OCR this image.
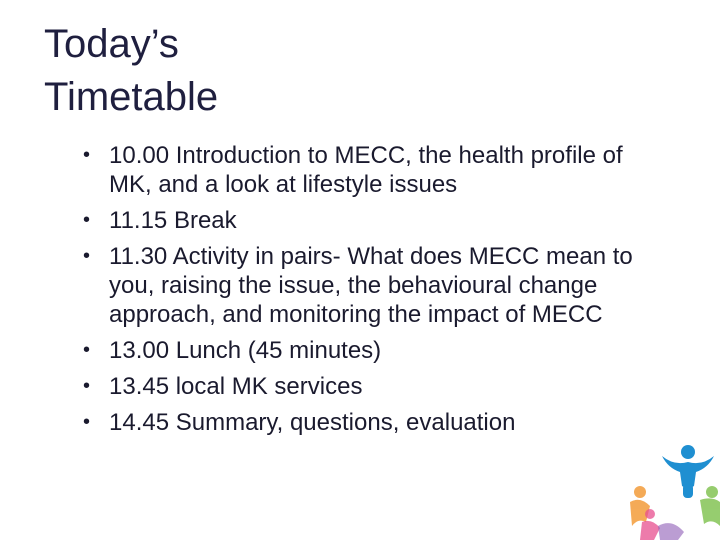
Today’s
Timetable
• 10.00 Introduction to MECC, the health profile of MK, and a look at lifestyle issues
• 11.15 Break
• 11.30 Activity in pairs- What does MECC mean to you, raising the issue, the behavioural change approach, and monitoring the impact of MECC
• 13.00 Lunch (45 minutes)
• 13.45 local MK services
• 14.45 Summary, questions, evaluation
